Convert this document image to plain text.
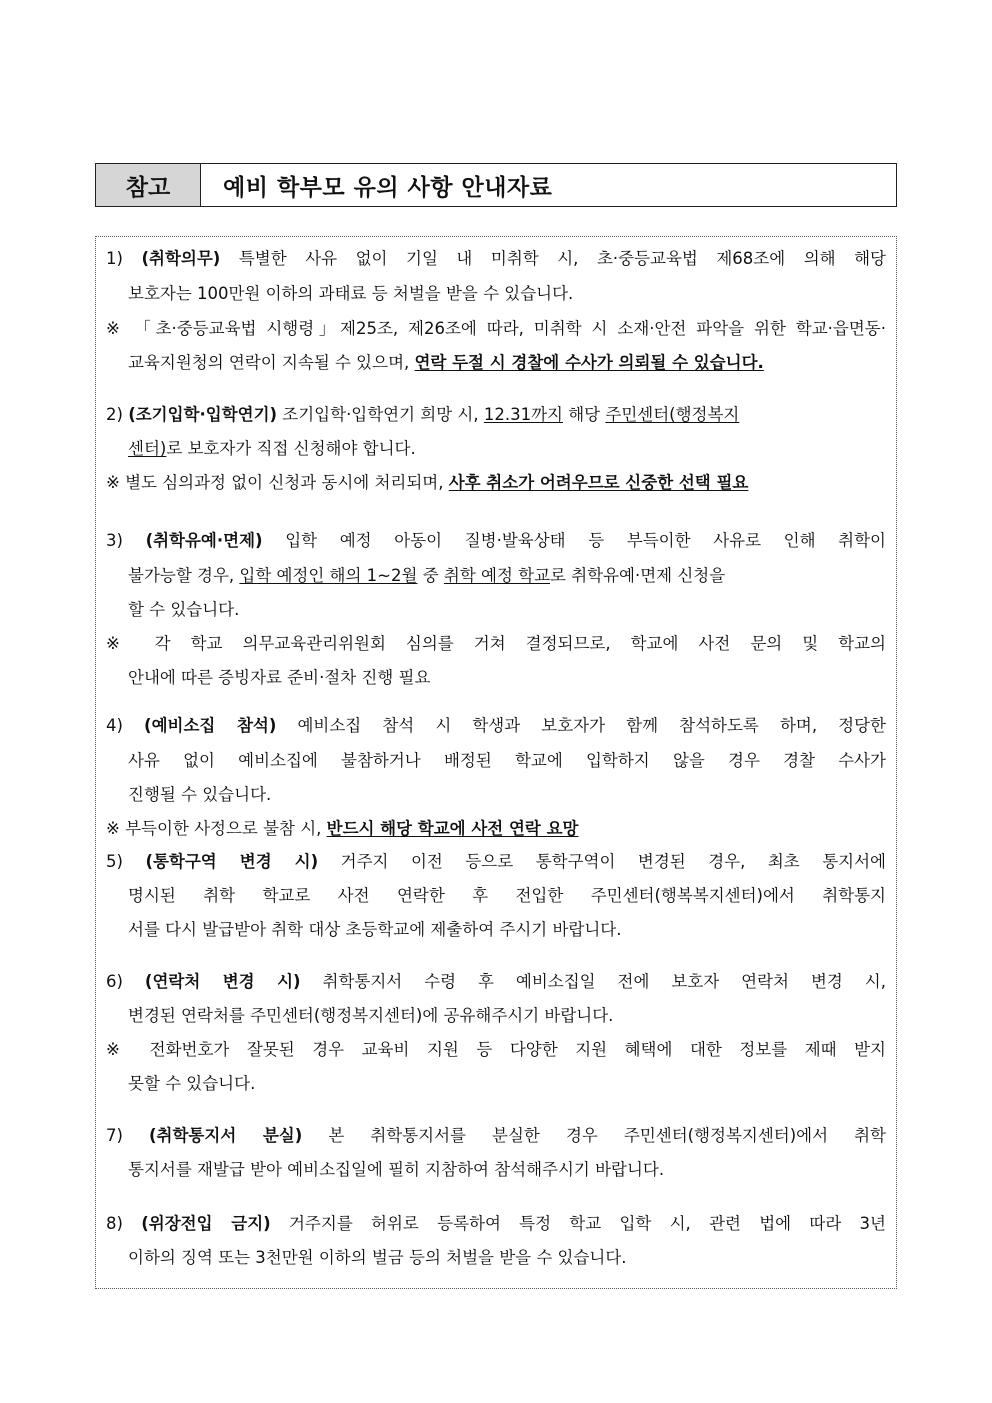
참고	예비 학부모 유의 사항 안내자료
1) (취학의무) 특별한 사유 없이 기일 내 미취학 시, 초·중등교육법 제68조에 의해 해당
보호자는 100만원 이하의 과태료 등 처벌을 받을 수 있습니다.
※ 「초·중등교육법 시행령」제25조, 제26조에 따라, 미취학 시 소재·안전 파악을 위한 학교·읍면동·
교육지원청의 연락이 지속될 수 있으며, 연락 두절 시 경찰에 수사가 의뢰될 수 있습니다.
2) (조기입학·입학연기) 조기입학·입학연기 희망 시, 12.31까지 해당 주민센터(행정복지
센터)로 보호자가 직접 신청해야 합니다.
※ 별도 심의과정 없이 신청과 동시에 처리되며, 사후 취소가 어려우므로 신중한 선택 필요
3) (취학유예·면제) 입학 예정 아동이 질병·발육상태 등 부득이한 사유로 인해 취학이
불가능할 경우, 입학 예정인 해의 1~2월 중 취학 예정 학교로 취학유예·면제 신청을
할 수 있습니다.
※ 각 학교 의무교육관리위원회 심의를 거쳐 결정되므로, 학교에 사전 문의 및 학교의
안내에 따른 증빙자료 준비·절차 진행 필요
4) (예비소집 참석) 예비소집 참석 시 학생과 보호자가 함께 참석하도록 하며, 정당한
사유 없이 예비소집에 불참하거나 배정된 학교에 입학하지 않을 경우 경찰 수사가
진행될 수 있습니다.
※ 부득이한 사정으로 불참 시, 반드시 해당 학교에 사전 연락 요망
5) (통학구역 변경 시) 거주지 이전 등으로 통학구역이 변경된 경우, 최초 통지서에
명시된 취학 학교로 사전 연락한 후 전입한 주민센터(행복복지센터)에서 취학통지
서를 다시 발급받아 취학 대상 초등학교에 제출하여 주시기 바랍니다.
6) (연락처 변경 시) 취학통지서 수령 후 예비소집일 전에 보호자 연락처 변경 시,
변경된 연락처를 주민센터(행정복지센터)에 공유해주시기 바랍니다.
※ 전화번호가 잘못된 경우 교육비 지원 등 다양한 지원 혜택에 대한 정보를 제때 받지
못할 수 있습니다.
7) (취학통지서 분실) 본 취학통지서를 분실한 경우 주민센터(행정복지센터)에서 취학
통지서를 재발급 받아 예비소집일에 필히 지참하여 참석해주시기 바랍니다.
8) (위장전입 금지) 거주지를 허위로 등록하여 특정 학교 입학 시, 관련 법에 따라 3년
이하의 징역 또는 3천만원 이하의 벌금 등의 처벌을 받을 수 있습니다.
